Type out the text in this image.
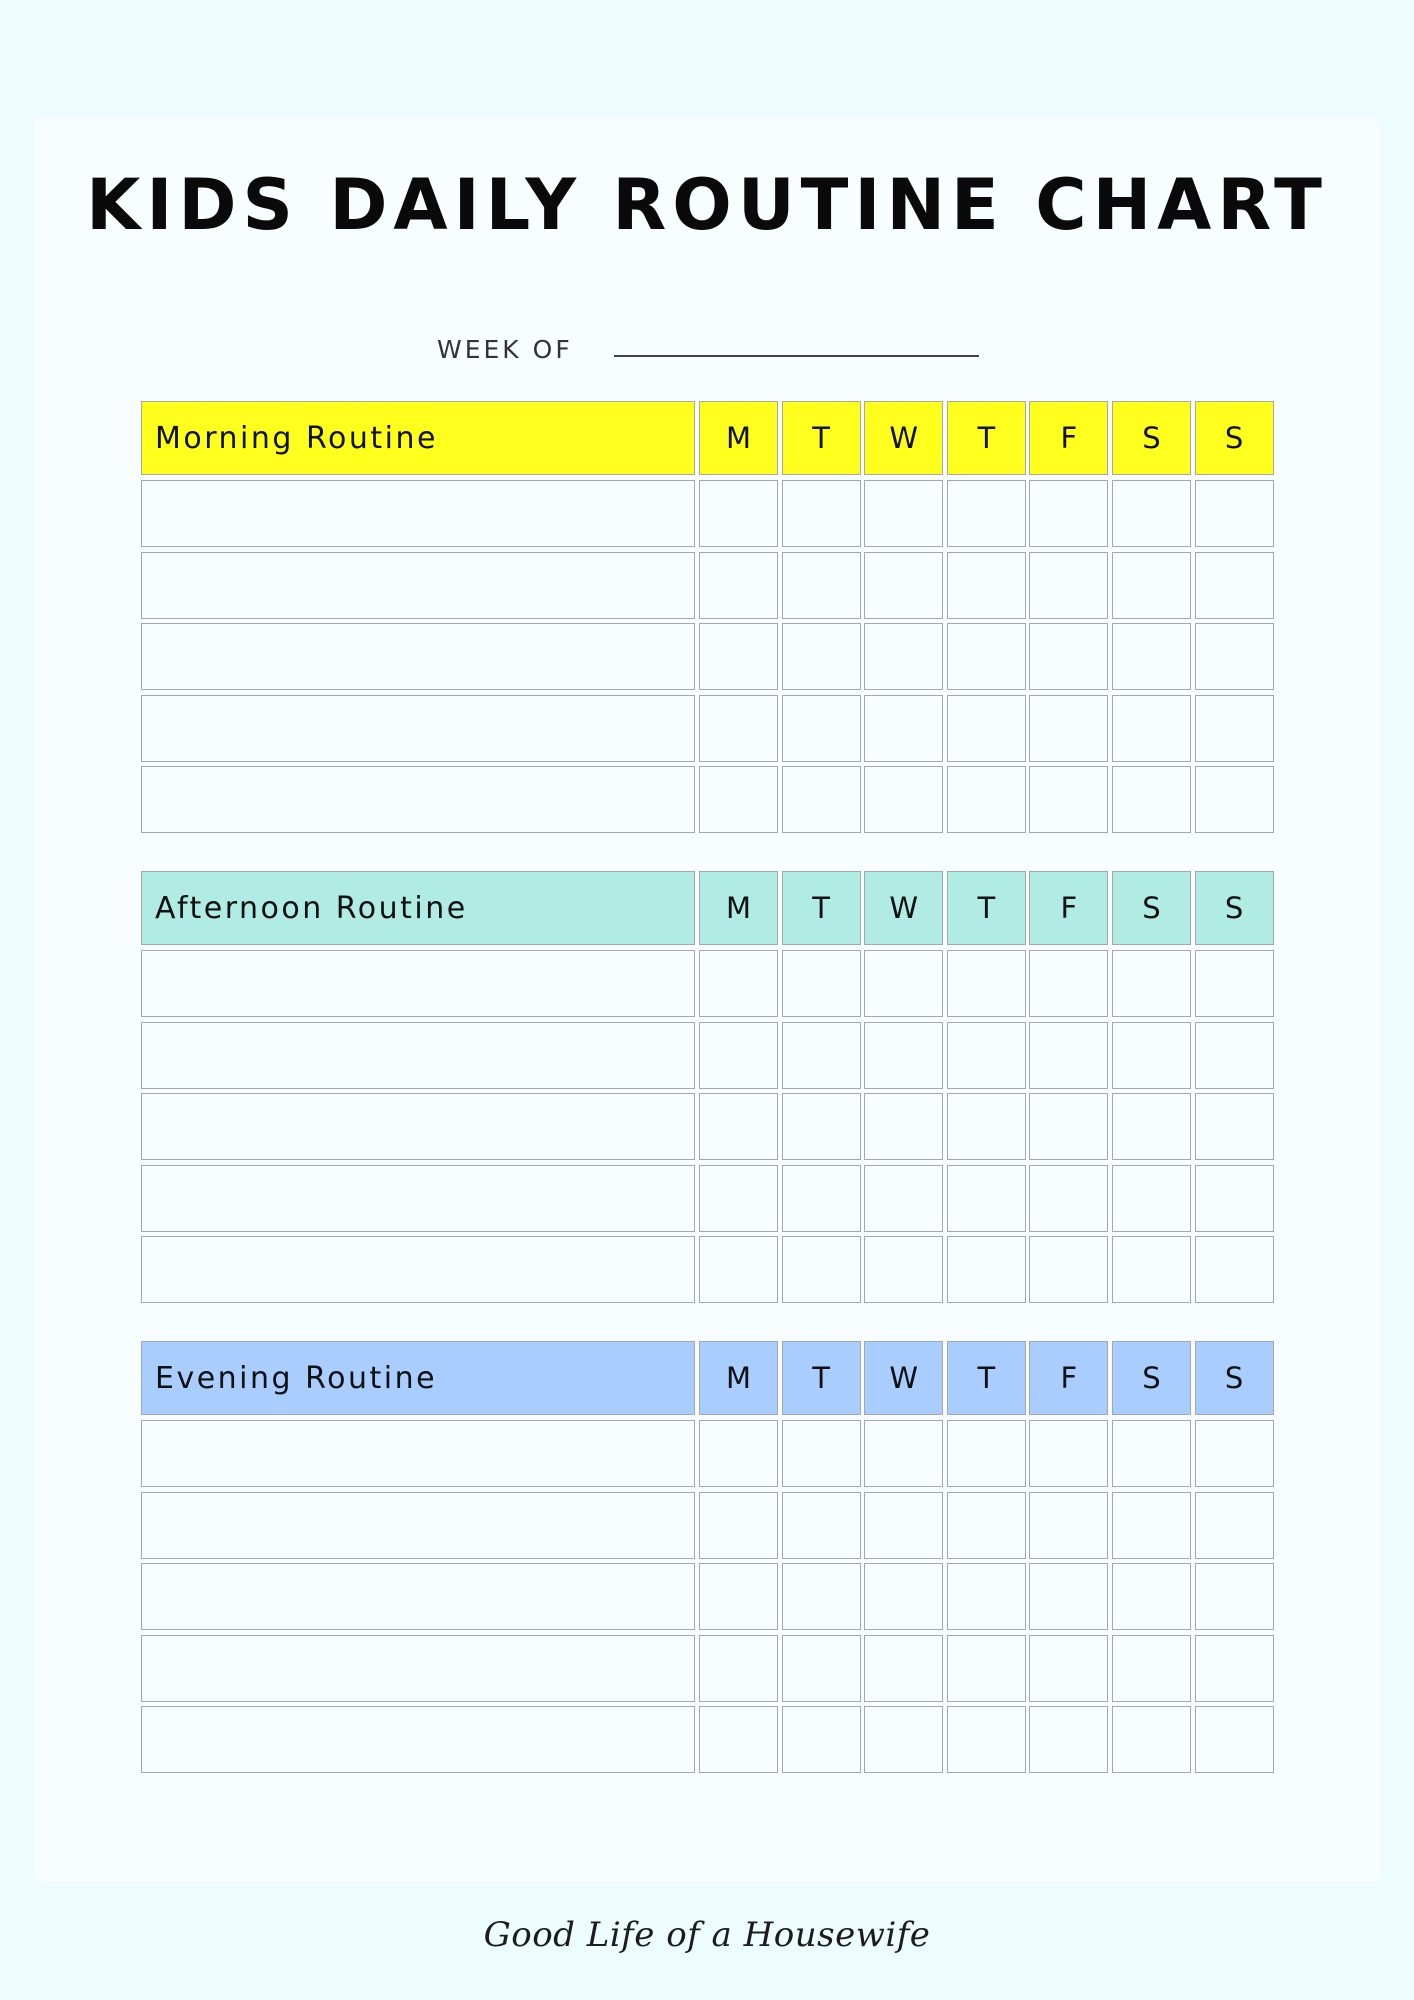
KIDS DAILY ROUTINE CHART
WEEK OF
Morning Routine	M	T	W	T	F	S	S
Afternoon Routine	M	T	W	T	F	S	S
Evening Routine	M	T	W	T	F	S	S
Good Life of a Housewife
